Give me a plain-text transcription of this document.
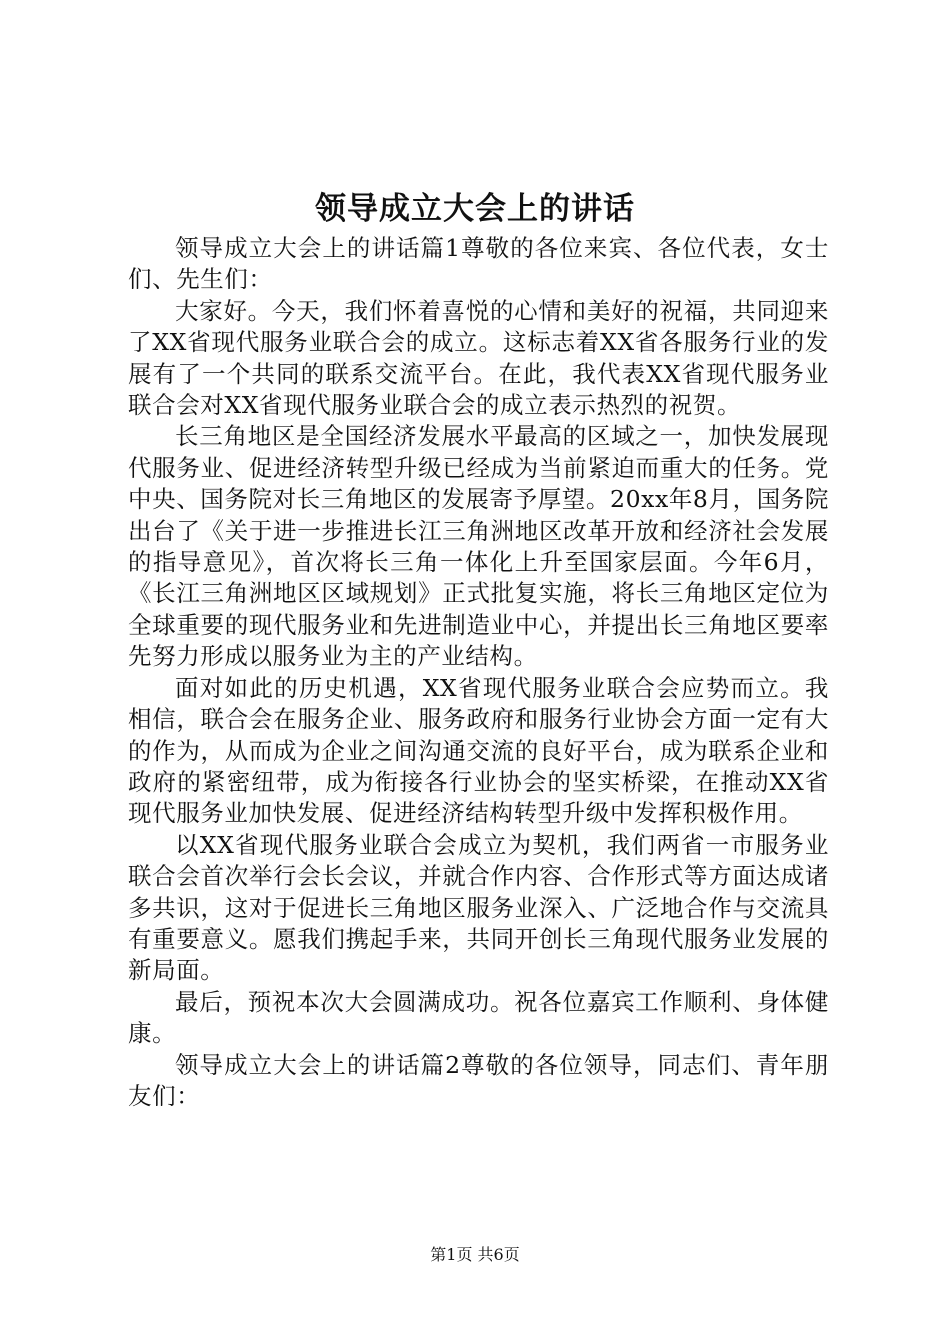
领导成立大会上的讲话

领导成立大会上的讲话篇1尊敬的各位来宾、各位代表，女士们、先生们：

大家好。今天，我们怀着喜悦的心情和美好的祝福，共同迎来了XX省现代服务业联合会的成立。这标志着XX省各服务行业的发展有了一个共同的联系交流平台。在此，我代表XX省现代服务业联合会对XX省现代服务业联合会的成立表示热烈的祝贺。

长三角地区是全国经济发展水平最高的区域之一，加快发展现代服务业、促进经济转型升级已经成为当前紧迫而重大的任务。党中央、国务院对长三角地区的发展寄予厚望。20xx年8月，国务院出台了《关于进一步推进长江三角洲地区改革开放和经济社会发展的指导意见》，首次将长三角一体化上升至国家层面。今年6月，《长江三角洲地区区域规划》正式批复实施，将长三角地区定位为全球重要的现代服务业和先进制造业中心，并提出长三角地区要率先努力形成以服务业为主的产业结构。

面对如此的历史机遇，XX省现代服务业联合会应势而立。我相信，联合会在服务企业、服务政府和服务行业协会方面一定有大的作为，从而成为企业之间沟通交流的良好平台，成为联系企业和政府的紧密纽带，成为衔接各行业协会的坚实桥梁，在推动XX省现代服务业加快发展、促进经济结构转型升级中发挥积极作用。

以XX省现代服务业联合会成立为契机，我们两省一市服务业联合会首次举行会长会议，并就合作内容、合作形式等方面达成诸多共识，这对于促进长三角地区服务业深入、广泛地合作与交流具有重要意义。愿我们携起手来，共同开创长三角现代服务业发展的新局面。

最后，预祝本次大会圆满成功。祝各位嘉宾工作顺利、身体健康。

领导成立大会上的讲话篇2尊敬的各位领导，同志们、青年朋友们：

第1页 共6页
